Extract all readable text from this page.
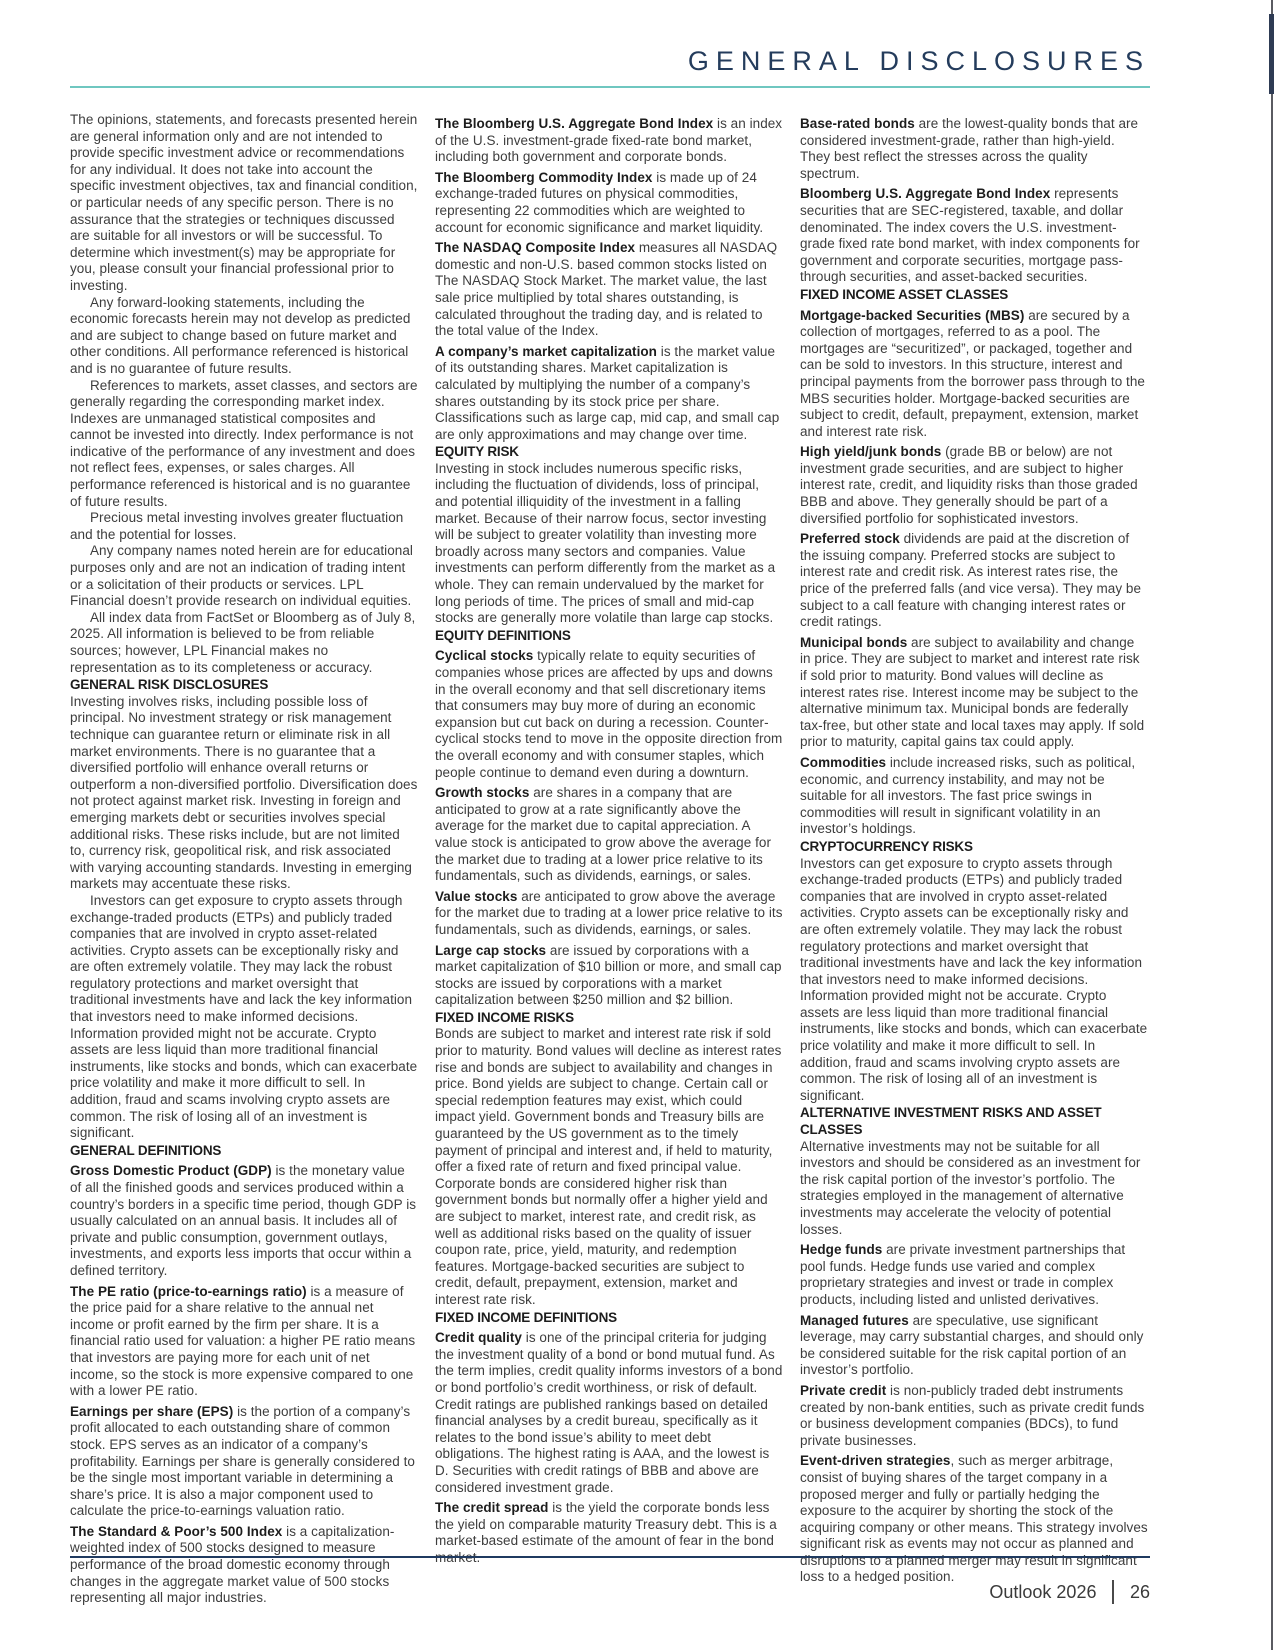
GENERAL DISCLOSURES

The opinions, statements, and forecasts presented herein are general information only and are not intended to provide specific investment advice or recommendations for any individual. It does not take into account the specific investment objectives, tax and financial condition, or particular needs of any specific person. There is no assurance that the strategies or techniques discussed are suitable for all investors or will be successful. To determine which investment(s) may be appropriate for you, please consult your financial professional prior to investing.

Any forward-looking statements, including the economic forecasts herein may not develop as predicted and are subject to change based on future market and other conditions. All performance referenced is historical and is no guarantee of future results.

References to markets, asset classes, and sectors are generally regarding the corresponding market index. Indexes are unmanaged statistical composites and cannot be invested into directly. Index performance is not indicative of the performance of any investment and does not reflect fees, expenses, or sales charges. All performance referenced is historical and is no guarantee of future results.

Precious metal investing involves greater fluctuation and the potential for losses.

Any company names noted herein are for educational purposes only and are not an indication of trading intent or a solicitation of their products or services. LPL Financial doesn’t provide research on individual equities.

All index data from FactSet or Bloomberg as of July 8, 2025. All information is believed to be from reliable sources; however, LPL Financial makes no representation as to its completeness or accuracy.

GENERAL RISK DISCLOSURES

Investing involves risks, including possible loss of principal. No investment strategy or risk management technique can guarantee return or eliminate risk in all market environments. There is no guarantee that a diversified portfolio will enhance overall returns or outperform a non-diversified portfolio. Diversification does not protect against market risk. Investing in foreign and emerging markets debt or securities involves special additional risks. These risks include, but are not limited to, currency risk, geopolitical risk, and risk associated with varying accounting standards. Investing in emerging markets may accentuate these risks.

Investors can get exposure to crypto assets through exchange-traded products (ETPs) and publicly traded companies that are involved in crypto asset-related activities. Crypto assets can be exceptionally risky and are often extremely volatile. They may lack the robust regulatory protections and market oversight that traditional investments have and lack the key information that investors need to make informed decisions. Information provided might not be accurate. Crypto assets are less liquid than more traditional financial instruments, like stocks and bonds, which can exacerbate price volatility and make it more difficult to sell. In addition, fraud and scams involving crypto assets are common. The risk of losing all of an investment is significant.

GENERAL DEFINITIONS

Gross Domestic Product (GDP) is the monetary value of all the finished goods and services produced within a country’s borders in a specific time period, though GDP is usually calculated on an annual basis. It includes all of private and public consumption, government outlays, investments, and exports less imports that occur within a defined territory.

The PE ratio (price-to-earnings ratio) is a measure of the price paid for a share relative to the annual net income or profit earned by the firm per share. It is a financial ratio used for valuation: a higher PE ratio means that investors are paying more for each unit of net income, so the stock is more expensive compared to one with a lower PE ratio.

Earnings per share (EPS) is the portion of a company’s profit allocated to each outstanding share of common stock. EPS serves as an indicator of a company’s profitability. Earnings per share is generally considered to be the single most important variable in determining a share’s price. It is also a major component used to calculate the price-to-earnings valuation ratio.

The Standard & Poor’s 500 Index is a capitalization-weighted index of 500 stocks designed to measure performance of the broad domestic economy through changes in the aggregate market value of 500 stocks representing all major industries.

The Bloomberg U.S. Aggregate Bond Index is an index of the U.S. investment-grade fixed-rate bond market, including both government and corporate bonds.

The Bloomberg Commodity Index is made up of 24 exchange-traded futures on physical commodities, representing 22 commodities which are weighted to account for economic significance and market liquidity.

The NASDAQ Composite Index measures all NASDAQ domestic and non-U.S. based common stocks listed on The NASDAQ Stock Market. The market value, the last sale price multiplied by total shares outstanding, is calculated throughout the trading day, and is related to the total value of the Index.

A company’s market capitalization is the market value of its outstanding shares. Market capitalization is calculated by multiplying the number of a company’s shares outstanding by its stock price per share. Classifications such as large cap, mid cap, and small cap are only approximations and may change over time.

EQUITY RISK

Investing in stock includes numerous specific risks, including the fluctuation of dividends, loss of principal, and potential illiquidity of the investment in a falling market. Because of their narrow focus, sector investing will be subject to greater volatility than investing more broadly across many sectors and companies. Value investments can perform differently from the market as a whole. They can remain undervalued by the market for long periods of time. The prices of small and mid-cap stocks are generally more volatile than large cap stocks.

EQUITY DEFINITIONS

Cyclical stocks typically relate to equity securities of companies whose prices are affected by ups and downs in the overall economy and that sell discretionary items that consumers may buy more of during an economic expansion but cut back on during a recession. Counter-cyclical stocks tend to move in the opposite direction from the overall economy and with consumer staples, which people continue to demand even during a downturn.

Growth stocks are shares in a company that are anticipated to grow at a rate significantly above the average for the market due to capital appreciation. A value stock is anticipated to grow above the average for the market due to trading at a lower price relative to its fundamentals, such as dividends, earnings, or sales.

Value stocks are anticipated to grow above the average for the market due to trading at a lower price relative to its fundamentals, such as dividends, earnings, or sales.

Large cap stocks are issued by corporations with a market capitalization of $10 billion or more, and small cap stocks are issued by corporations with a market capitalization between $250 million and $2 billion.

FIXED INCOME RISKS

Bonds are subject to market and interest rate risk if sold prior to maturity. Bond values will decline as interest rates rise and bonds are subject to availability and changes in price. Bond yields are subject to change. Certain call or special redemption features may exist, which could impact yield. Government bonds and Treasury bills are guaranteed by the US government as to the timely payment of principal and interest and, if held to maturity, offer a fixed rate of return and fixed principal value. Corporate bonds are considered higher risk than government bonds but normally offer a higher yield and are subject to market, interest rate, and credit risk, as well as additional risks based on the quality of issuer coupon rate, price, yield, maturity, and redemption features. Mortgage-backed securities are subject to credit, default, prepayment, extension, market and interest rate risk.

FIXED INCOME DEFINITIONS

Credit quality is one of the principal criteria for judging the investment quality of a bond or bond mutual fund. As the term implies, credit quality informs investors of a bond or bond portfolio’s credit worthiness, or risk of default. Credit ratings are published rankings based on detailed financial analyses by a credit bureau, specifically as it relates to the bond issue’s ability to meet debt obligations. The highest rating is AAA, and the lowest is D. Securities with credit ratings of BBB and above are considered investment grade.

The credit spread is the yield the corporate bonds less the yield on comparable maturity Treasury debt. This is a market-based estimate of the amount of fear in the bond market.

Base-rated bonds are the lowest-quality bonds that are considered investment-grade, rather than high-yield. They best reflect the stresses across the quality spectrum.

Bloomberg U.S. Aggregate Bond Index represents securities that are SEC-registered, taxable, and dollar denominated. The index covers the U.S. investment-grade fixed rate bond market, with index components for government and corporate securities, mortgage pass-through securities, and asset-backed securities.

FIXED INCOME ASSET CLASSES

Mortgage-backed Securities (MBS) are secured by a collection of mortgages, referred to as a pool. The mortgages are “securitized”, or packaged, together and can be sold to investors. In this structure, interest and principal payments from the borrower pass through to the MBS securities holder. Mortgage-backed securities are subject to credit, default, prepayment, extension, market and interest rate risk.

High yield/junk bonds (grade BB or below) are not investment grade securities, and are subject to higher interest rate, credit, and liquidity risks than those graded BBB and above. They generally should be part of a diversified portfolio for sophisticated investors.

Preferred stock dividends are paid at the discretion of the issuing company. Preferred stocks are subject to interest rate and credit risk. As interest rates rise, the price of the preferred falls (and vice versa). They may be subject to a call feature with changing interest rates or credit ratings.

Municipal bonds are subject to availability and change in price. They are subject to market and interest rate risk if sold prior to maturity. Bond values will decline as interest rates rise. Interest income may be subject to the alternative minimum tax. Municipal bonds are federally tax-free, but other state and local taxes may apply. If sold prior to maturity, capital gains tax could apply.

Commodities include increased risks, such as political, economic, and currency instability, and may not be suitable for all investors. The fast price swings in commodities will result in significant volatility in an investor’s holdings.

CRYPTOCURRENCY RISKS

Investors can get exposure to crypto assets through exchange-traded products (ETPs) and publicly traded companies that are involved in crypto asset-related activities. Crypto assets can be exceptionally risky and are often extremely volatile. They may lack the robust regulatory protections and market oversight that traditional investments have and lack the key information that investors need to make informed decisions. Information provided might not be accurate. Crypto assets are less liquid than more traditional financial instruments, like stocks and bonds, which can exacerbate price volatility and make it more difficult to sell. In addition, fraud and scams involving crypto assets are common. The risk of losing all of an investment is significant.

ALTERNATIVE INVESTMENT RISKS AND ASSET CLASSES

Alternative investments may not be suitable for all investors and should be considered as an investment for the risk capital portion of the investor’s portfolio. The strategies employed in the management of alternative investments may accelerate the velocity of potential losses.

Hedge funds are private investment partnerships that pool funds. Hedge funds use varied and complex proprietary strategies and invest or trade in complex products, including listed and unlisted derivatives.

Managed futures are speculative, use significant leverage, may carry substantial charges, and should only be considered suitable for the risk capital portion of an investor’s portfolio.

Private credit is non-publicly traded debt instruments created by non-bank entities, such as private credit funds or business development companies (BDCs), to fund private businesses.

Event-driven strategies, such as merger arbitrage, consist of buying shares of the target company in a proposed merger and fully or partially hedging the exposure to the acquirer by shorting the stock of the acquiring company or other means. This strategy involves significant risk as events may not occur as planned and disruptions to a planned merger may result in significant loss to a hedged position.

Outlook 2026 26
